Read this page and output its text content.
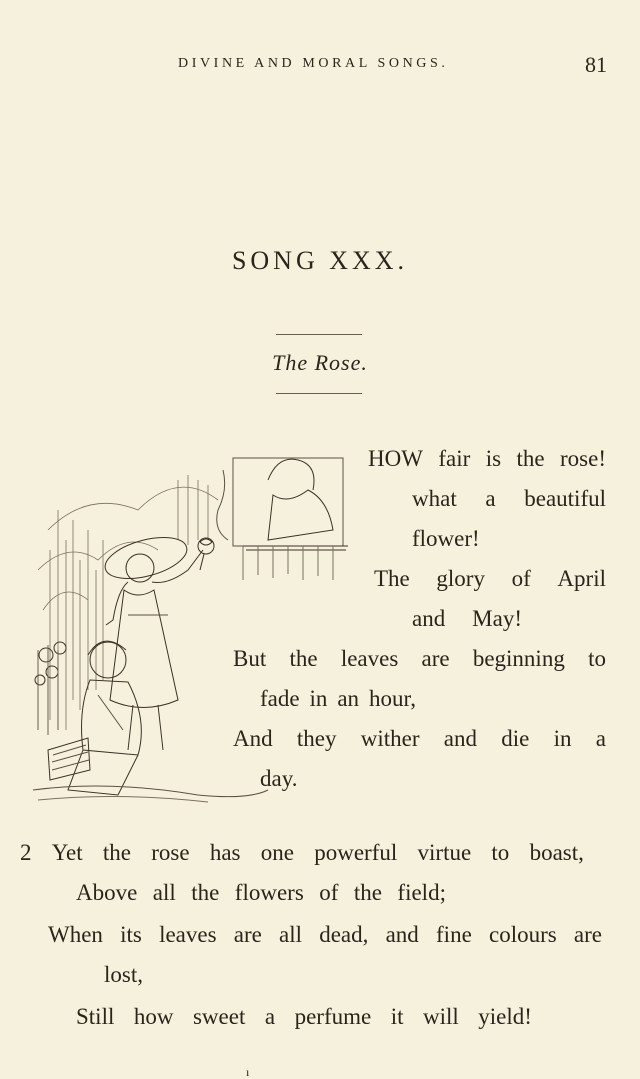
DIVINE AND MORAL SONGS.	81
SONG XXX.
The Rose.
HOW fair is the rose!
what a beautiful
flower!
The glory of April
and May!
But the leaves are beginning to
fade in an hour,
And they wither and die in a
day.
2 Yet the rose has one powerful virtue to boast,
Above all the flowers of the field;
When its leaves are all dead, and fine colours are
lost,
Still how sweet a perfume it will yield!
ı
